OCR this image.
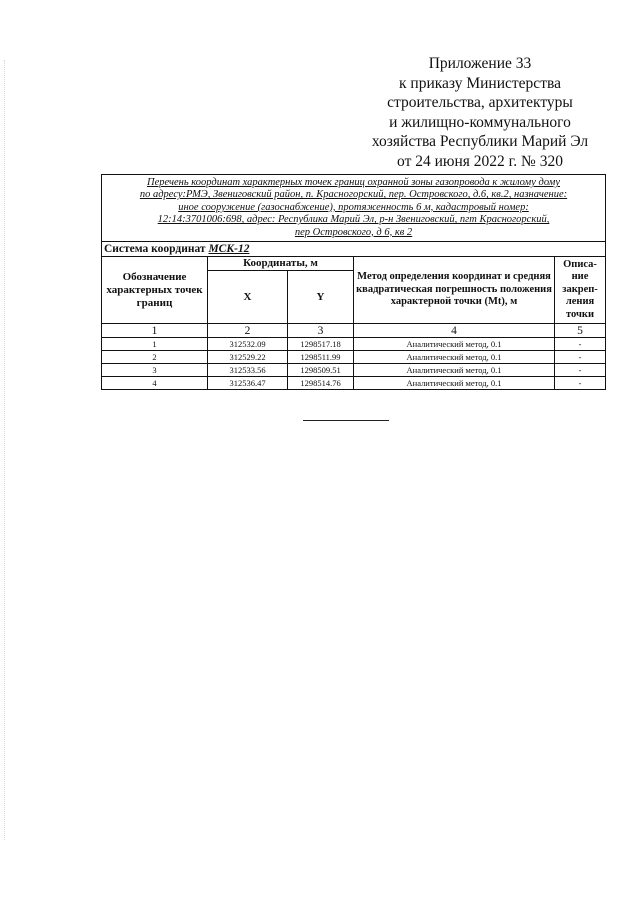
Приложение 33
к приказу Министерства
строительства, архитектуры
и жилищно-коммунального
хозяйства Республики Марий Эл
от 24 июня 2022 г. № 320
Перечень координат характерных точек границ охранной зоны газопровода к жилому дому
по адресу:РМЭ, Звениговский район, п. Красногорский, пер. Островского, д.6, кв.2, назначение:
иное сооружение (газоснабжение), протяженность 6 м, кадастровый номер:
12:14:3701006:698, адрес: Республика Марий Эл, р-н Звениговский, пгт Красногорский,
пер Островского, д 6, кв 2				
Система координат МСК-12				
Обозначение характерных точек границ	Координаты, м		Метод определения координат и средняя квадратическая погрешность положения характерной точки (Мt), м	Описа-ние закреп-ления точки
	X	Y		
1	2	3	4	5
1	312532.09	1298517.18	Аналитический метод, 0.1	-
2	312529.22	1298511.99	Аналитический метод, 0.1	-
3	312533.56	1298509.51	Аналитический метод, 0.1	-
4	312536.47	1298514.76	Аналитический метод, 0.1	-
